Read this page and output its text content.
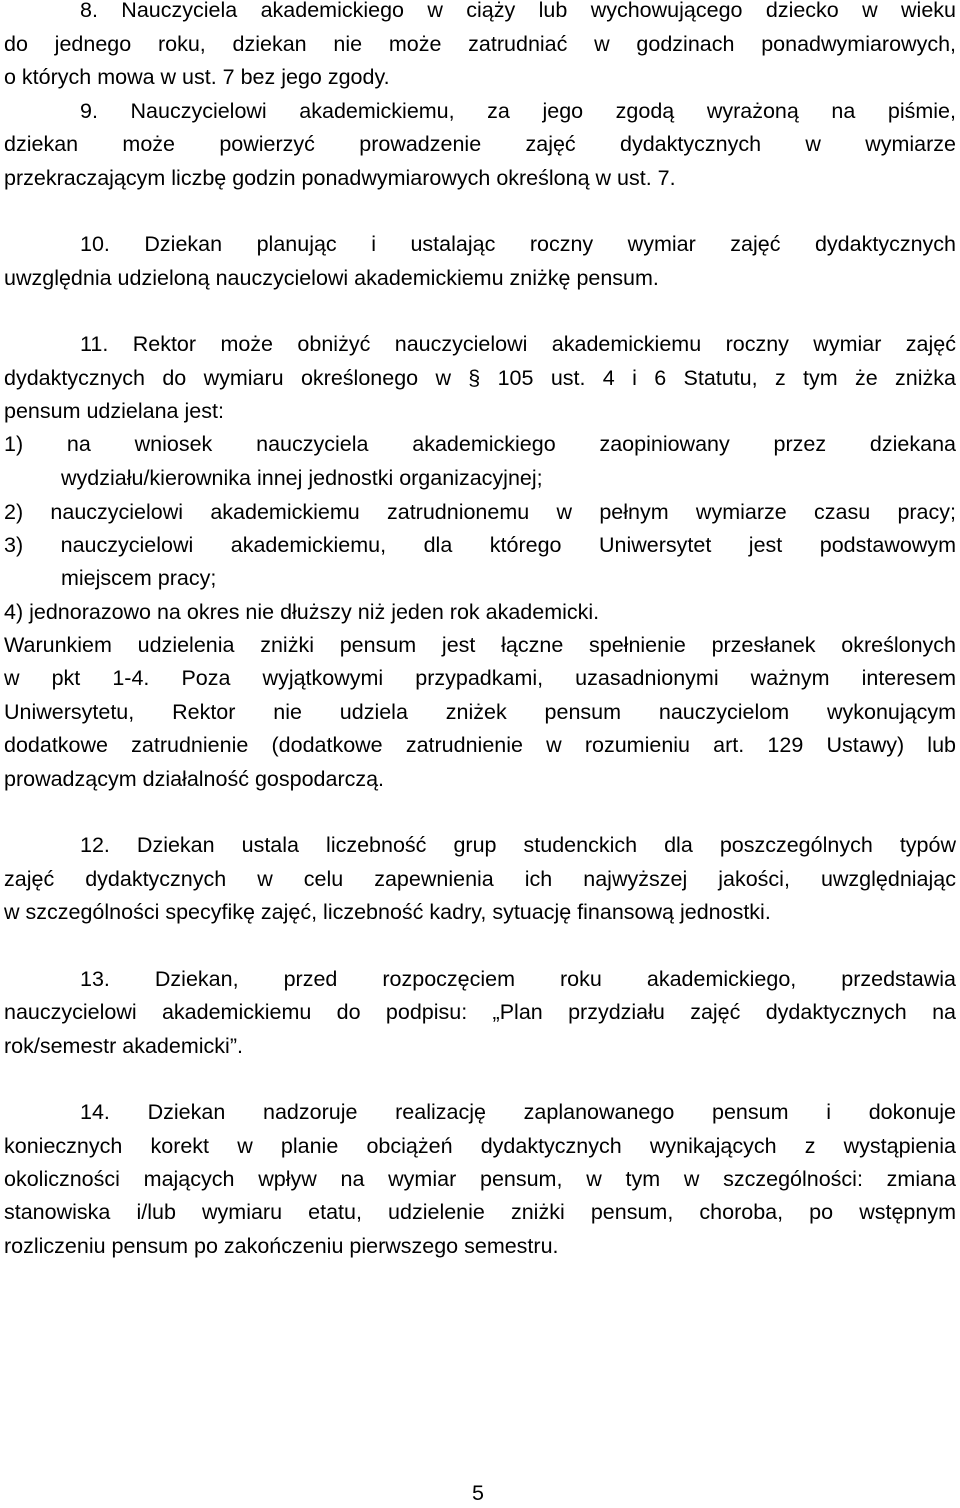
8. Nauczyciela akademickiego w ciąży lub wychowującego dziecko w wieku
do jednego roku, dziekan nie może zatrudniać w godzinach ponadwymiarowych,
o których mowa w ust. 7 bez jego zgody.
9. Nauczycielowi akademickiemu, za jego zgodą wyrażoną na piśmie,
dziekan może powierzyć prowadzenie zajęć dydaktycznych w wymiarze
przekraczającym liczbę godzin ponadwymiarowych określoną w ust. 7.
10. Dziekan planując i ustalając roczny wymiar zajęć dydaktycznych
uwzględnia udzieloną nauczycielowi akademickiemu zniżkę pensum.
11. Rektor może obniżyć nauczycielowi akademickiemu roczny wymiar zajęć
dydaktycznych do wymiaru określonego w § 105 ust. 4 i 6 Statutu, z tym że zniżka
pensum udzielana jest:
1) na wniosek nauczyciela akademickiego zaopiniowany przez dziekana
wydziału/kierownika innej jednostki organizacyjnej;
2) nauczycielowi akademickiemu zatrudnionemu w pełnym wymiarze czasu pracy;
3) nauczycielowi akademickiemu, dla którego Uniwersytet jest podstawowym
miejscem pracy;
4) jednorazowo na okres nie dłuższy niż jeden rok akademicki.
Warunkiem udzielenia zniżki pensum jest łączne spełnienie przesłanek określonych
w pkt 1-4. Poza wyjątkowymi przypadkami, uzasadnionymi ważnym interesem
Uniwersytetu, Rektor nie udziela zniżek pensum nauczycielom wykonującym
dodatkowe zatrudnienie (dodatkowe zatrudnienie w rozumieniu art. 129 Ustawy) lub
prowadzącym działalność gospodarczą.
12. Dziekan ustala liczebność grup studenckich dla poszczególnych typów
zajęć dydaktycznych w celu zapewnienia ich najwyższej jakości, uwzględniając
w szczególności specyfikę zajęć, liczebność kadry, sytuację finansową jednostki.
13. Dziekan, przed rozpoczęciem roku akademickiego, przedstawia
nauczycielowi akademickiemu do podpisu: „Plan przydziału zajęć dydaktycznych na
rok/semestr akademicki”.
14. Dziekan nadzoruje realizację zaplanowanego pensum i dokonuje
koniecznych korekt w planie obciążeń dydaktycznych wynikających z wystąpienia
okoliczności mających wpływ na wymiar pensum, w tym w szczególności: zmiana
stanowiska i/lub wymiaru etatu, udzielenie zniżki pensum, choroba, po wstępnym
rozliczeniu pensum po zakończeniu pierwszego semestru.
5
